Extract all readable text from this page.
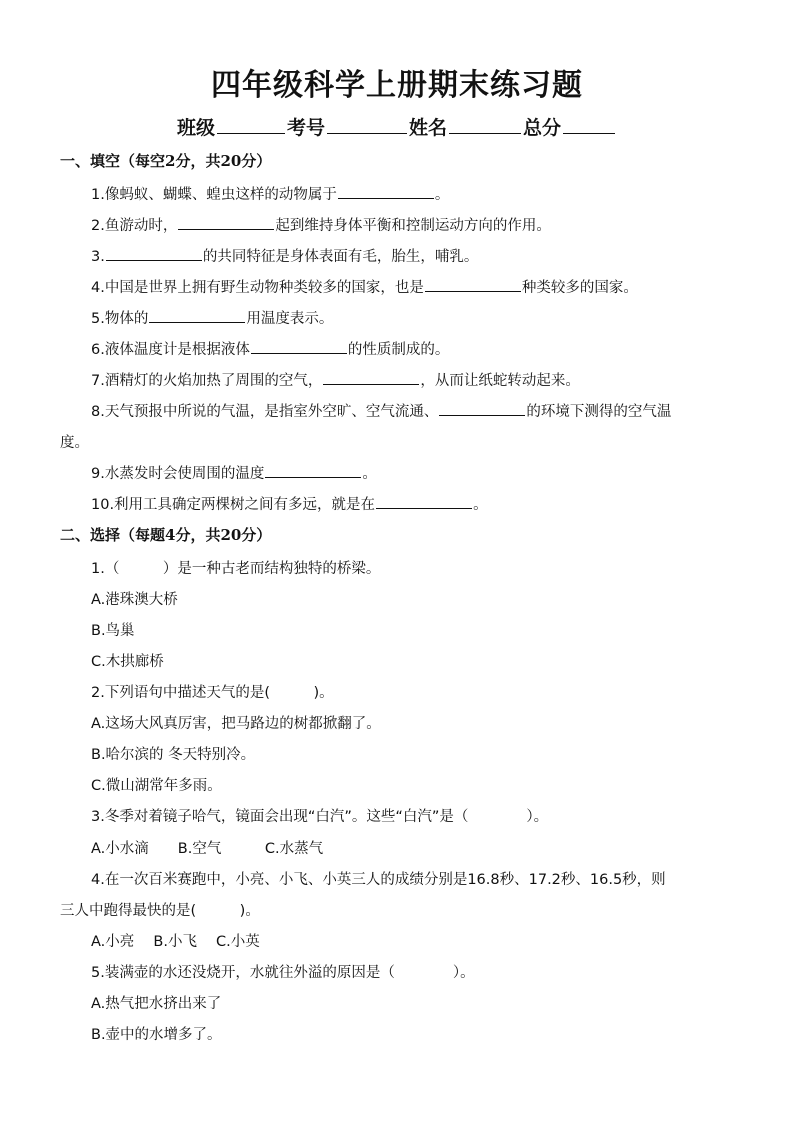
四年级科学上册期末练习题
班级	考号	姓名	总分
一、填空（每空2分，共20分）
1.像蚂蚁、蝴蝶、蝗虫这样的动物属于	。
2.鱼游动时，	起到维持身体平衡和控制运动方向的作用。
3.	的共同特征是身体表面有毛，胎生，哺乳。
4.中国是世界上拥有野生动物种类较多的国家，也是	种类较多的国家。
5.物体的	用温度表示。
6.液体温度计是根据液体	的性质制成的。
7.酒精灯的火焰加热了周围的空气，	，从而让纸蛇转动起来。
8.天气预报中所说的气温，是指室外空旷、空气流通、	的环境下测得的空气温
度。
9.水蒸发时会使周围的温度	。
10.利用工具确定两棵树之间有多远，就是在	。
二、选择（每题4分，共20分）
1.（　　　）是一种古老而结构独特的桥梁。
A.港珠澳大桥
B.鸟巢
C.木拱廊桥
2.下列语句中描述天气的是(　　　)。
A.这场大风真厉害，把马路边的树都掀翻了。
B.哈尔滨的 冬天特别冷。
C.微山湖常年多雨。
3.冬季对着镜子哈气，镜面会出现“白汽”。这些“白汽”是（　　　　）。
A.小水滴　　B.空气　　　C.水蒸气
4.在一次百米赛跑中，小亮、小飞、小英三人的成绩分别是16.8秒、17.2秒、16.5秒，则
三人中跑得最快的是(　　　)。
A.小亮　 B.小飞　 C.小英
5.装满壶的水还没烧开，水就往外溢的原因是（　　　　）。
A.热气把水挤出来了
B.壶中的水增多了。
